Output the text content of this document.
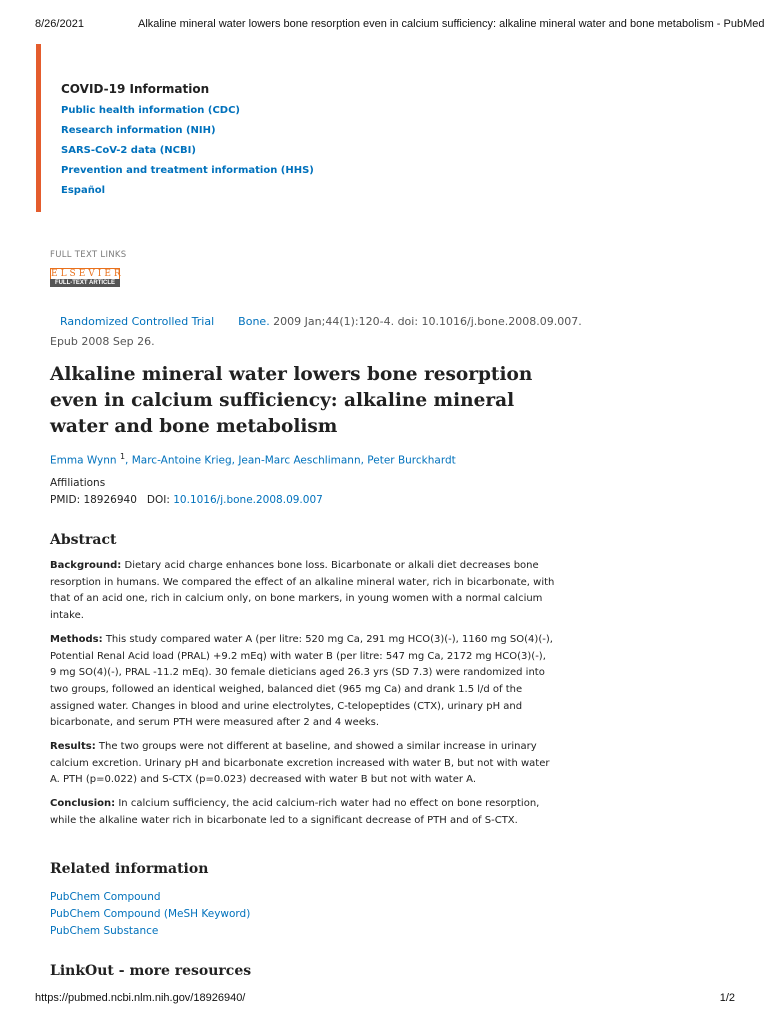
8/26/2021	Alkaline mineral water lowers bone resorption even in calcium sufficiency: alkaline mineral water and bone metabolism - PubMed
COVID-19 Information
Public health information (CDC)
Research information (NIH)
SARS-CoV-2 data (NCBI)
Prevention and treatment information (HHS)
Español
FULL TEXT LINKS
ELSEVIER
FULL-TEXT ARTICLE
Randomized Controlled Trial Bone. 2009 Jan;44(1):120-4. doi: 10.1016/j.bone.2008.09.007.
Epub 2008 Sep 26.
Alkaline mineral water lowers bone resorption even in calcium sufficiency: alkaline mineral water and bone metabolism
Emma Wynn $^1$, Marc-Antoine Krieg, Jean-Marc Aeschlimann, Peter Burckhardt
Affiliations
PMID: 18926940 DOI: 10.1016/j.bone.2008.09.007
Abstract

Background: Dietary acid charge enhances bone loss. Bicarbonate or alkali diet decreases bone resorption in humans. We compared the effect of an alkaline mineral water, rich in bicarbonate, with that of an acid one, rich in calcium only, on bone markers, in young women with a normal calcium intake.

Methods: This study compared water A (per litre: 520 mg Ca, 291 mg HCO(3)(-), 1160 mg SO(4)(-), Potential Renal Acid load (PRAL) +9.2 mEq) with water B (per litre: 547 mg Ca, 2172 mg HCO(3)(-), 9 mg SO(4)(-), PRAL -11.2 mEq). 30 female dieticians aged 26.3 yrs (SD 7.3) were randomized into two groups, followed an identical weighed, balanced diet (965 mg Ca) and drank 1.5 l/d of the assigned water. Changes in blood and urine electrolytes, C-telopeptides (CTX), urinary pH and bicarbonate, and serum PTH were measured after 2 and 4 weeks.

Results: The two groups were not different at baseline, and showed a similar increase in urinary calcium excretion. Urinary pH and bicarbonate excretion increased with water B, but not with water A. PTH (p=0.022) and S-CTX (p=0.023) decreased with water B but not with water A.

Conclusion: In calcium sufficiency, the acid calcium-rich water had no effect on bone resorption, while the alkaline water rich in bicarbonate led to a significant decrease of PTH and of S-CTX.

Related information
PubChem Compound
PubChem Compound (MeSH Keyword)
PubChem Substance
LinkOut - more resources
https://pubmed.ncbi.nlm.nih.gov/18926940/	1/2
